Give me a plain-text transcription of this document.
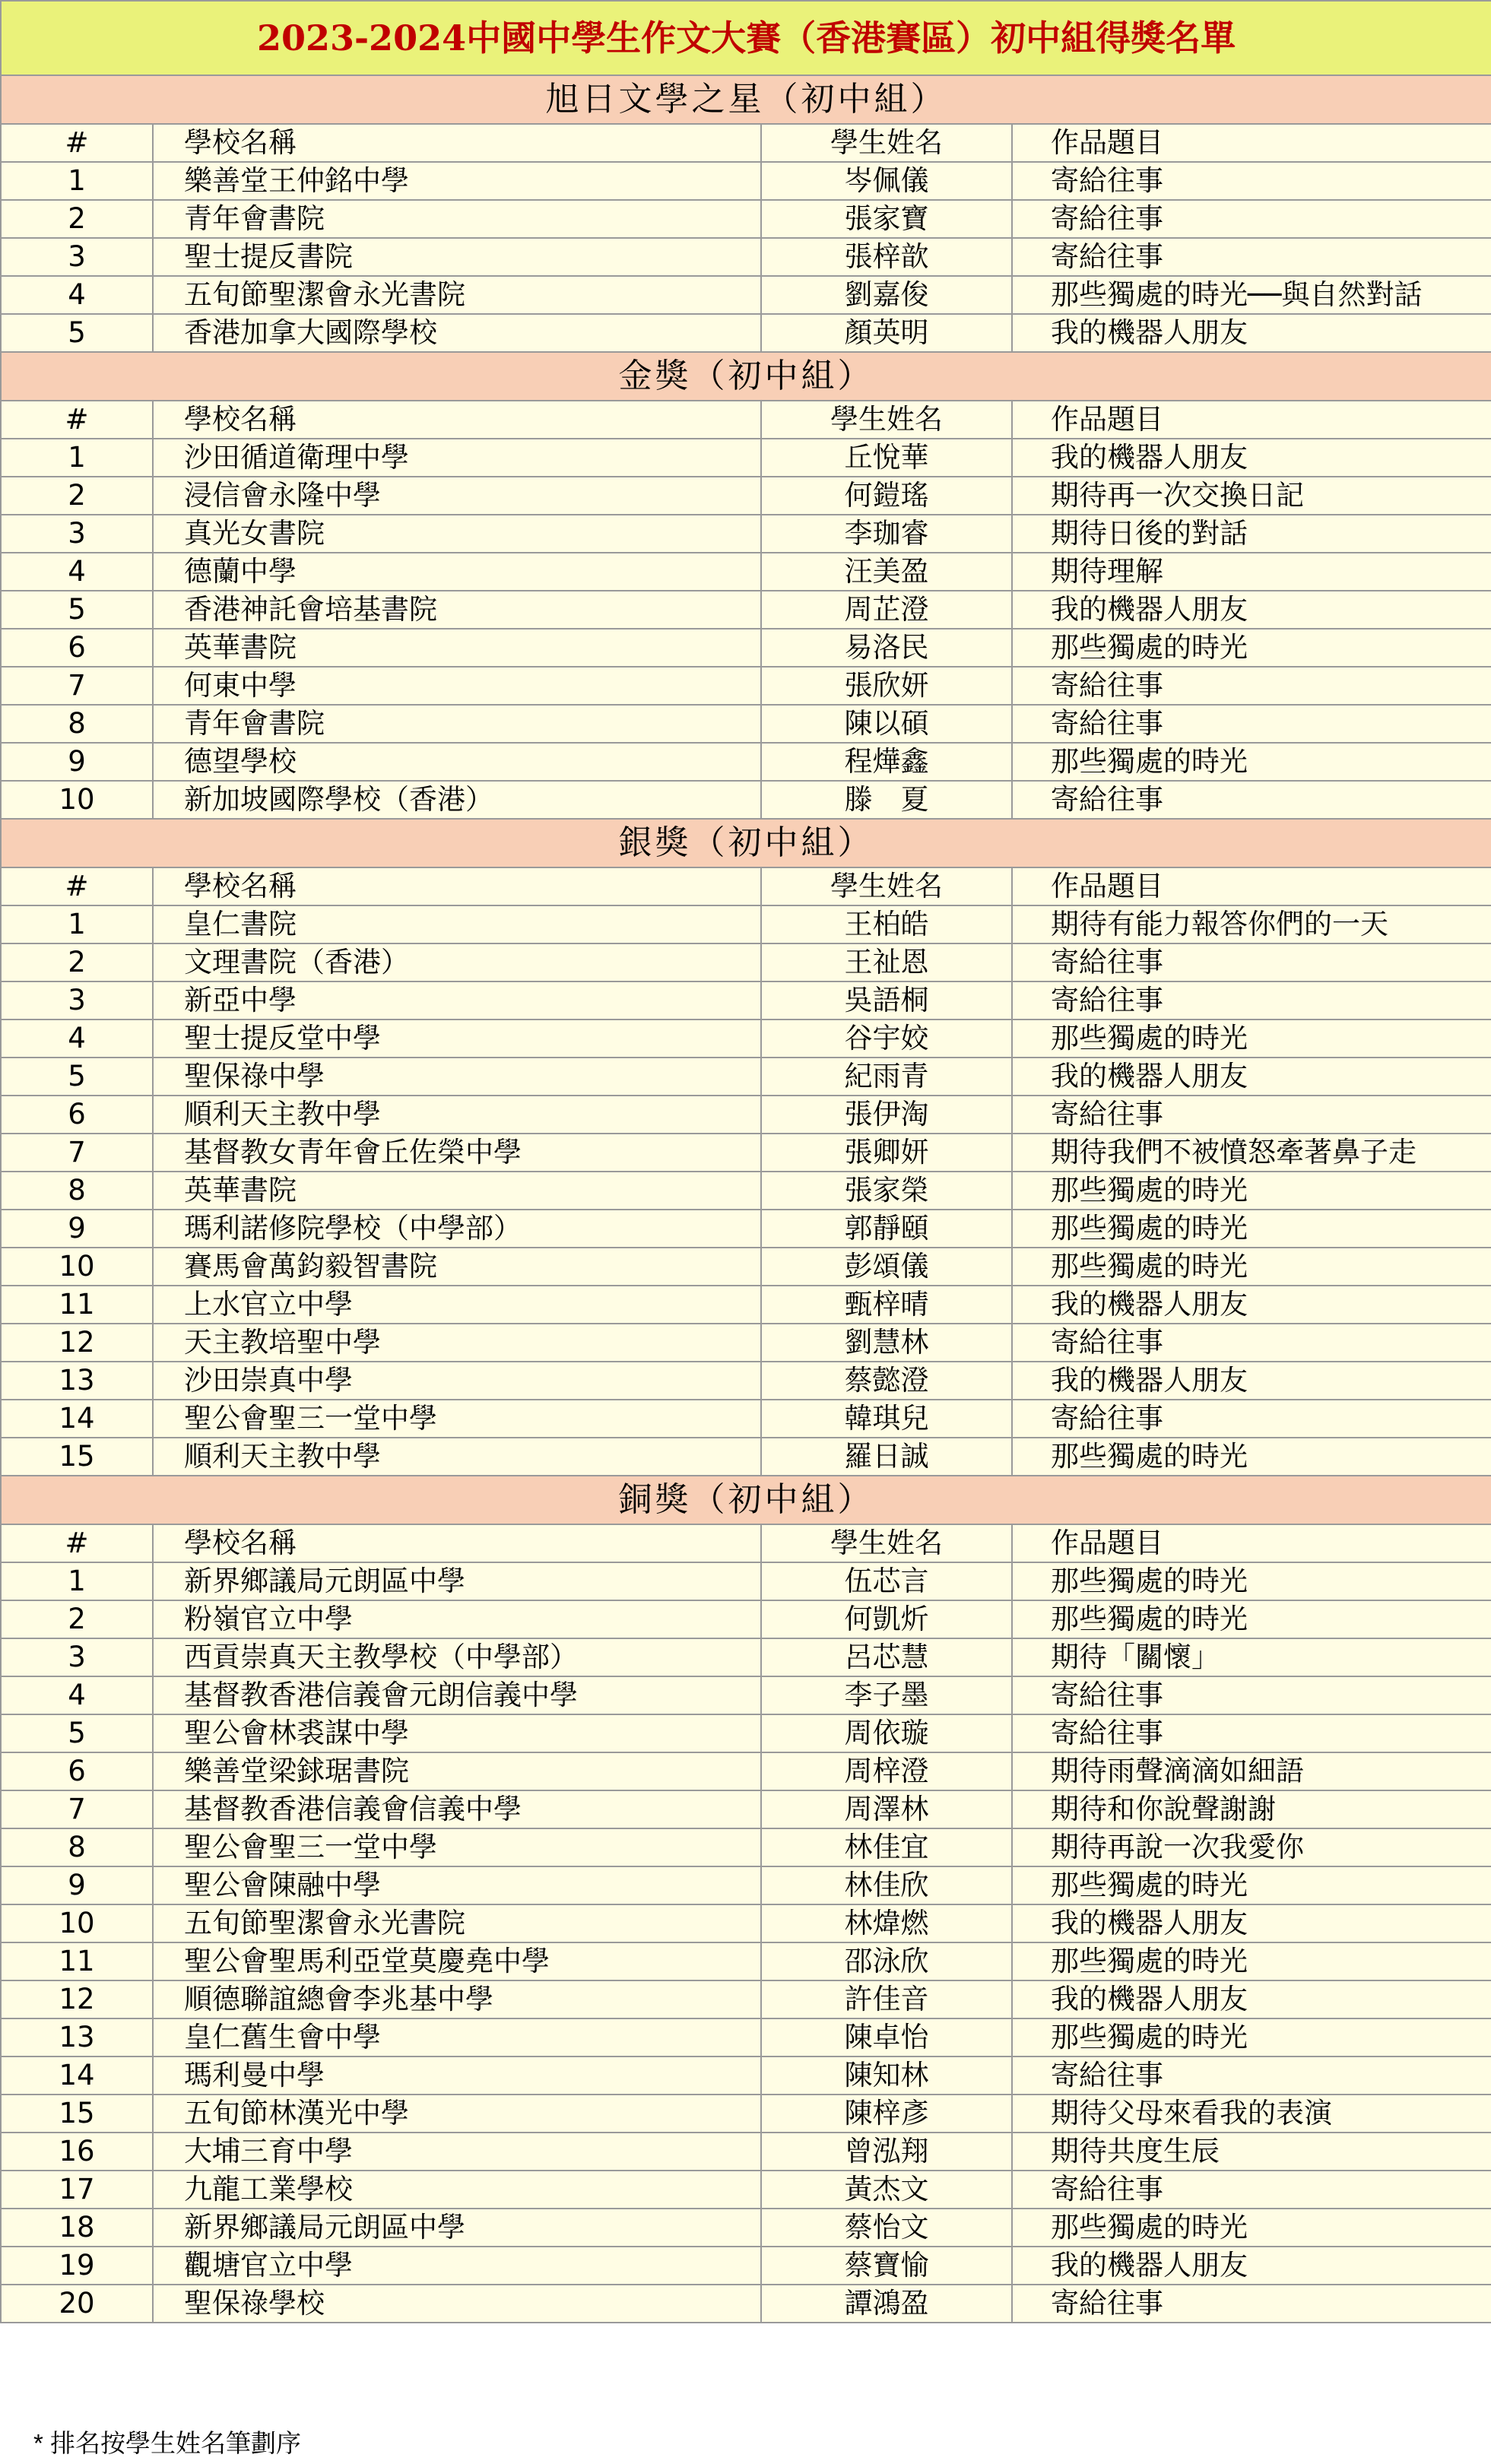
2023-2024中國中學生作文大賽（香港賽區）初中組得獎名單			
旭日文學之星（初中組）			
#	學校名稱	學生姓名	作品題目
1	樂善堂王仲銘中學	岑佩儀	寄給往事
2	青年會書院	張家寶	寄給往事
3	聖士提反書院	張梓歆	寄給往事
4	五旬節聖潔會永光書院	劉嘉俊	那些獨處的時光──與自然對話
5	香港加拿大國際學校	顏英明	我的機器人朋友
金獎（初中組）			
#	學校名稱	學生姓名	作品題目
1	沙田循道衛理中學	丘悅華	我的機器人朋友
2	浸信會永隆中學	何鎧瑤	期待再一次交換日記
3	真光女書院	李珈睿	期待日後的對話
4	德蘭中學	汪美盈	期待理解
5	香港神託會培基書院	周芷澄	我的機器人朋友
6	英華書院	易洛民	那些獨處的時光
7	何東中學	張欣妍	寄給往事
8	青年會書院	陳以碩	寄給往事
9	德望學校	程燁鑫	那些獨處的時光
10	新加坡國際學校（香港）	滕　夏	寄給往事
銀獎（初中組）			
#	學校名稱	學生姓名	作品題目
1	皇仁書院	王柏皓	期待有能力報答你們的一天
2	文理書院（香港）	王祉恩	寄給往事
3	新亞中學	吳語桐	寄給往事
4	聖士提反堂中學	谷宇姣	那些獨處的時光
5	聖保祿中學	紀雨青	我的機器人朋友
6	順利天主教中學	張伊淘	寄給往事
7	基督教女青年會丘佐榮中學	張卿妍	期待我們不被憤怒牽著鼻子走
8	英華書院	張家榮	那些獨處的時光
9	瑪利諾修院學校（中學部）	郭靜頤	那些獨處的時光
10	賽馬會萬鈞毅智書院	彭頌儀	那些獨處的時光
11	上水官立中學	甄梓晴	我的機器人朋友
12	天主教培聖中學	劉慧林	寄給往事
13	沙田崇真中學	蔡懿澄	我的機器人朋友
14	聖公會聖三一堂中學	韓琪兒	寄給往事
15	順利天主教中學	羅日誠	那些獨處的時光
銅獎（初中組）			
#	學校名稱	學生姓名	作品題目
1	新界鄉議局元朗區中學	伍芯言	那些獨處的時光
2	粉嶺官立中學	何凱炘	那些獨處的時光
3	西貢崇真天主教學校（中學部）	呂芯慧	期待「關懷」
4	基督教香港信義會元朗信義中學	李子墨	寄給往事
5	聖公會林裘謀中學	周依璇	寄給往事
6	樂善堂梁銶琚書院	周梓澄	期待雨聲滴滴如細語
7	基督教香港信義會信義中學	周澤林	期待和你說聲謝謝
8	聖公會聖三一堂中學	林佳宜	期待再說一次我愛你
9	聖公會陳融中學	林佳欣	那些獨處的時光
10	五旬節聖潔會永光書院	林煒燃	我的機器人朋友
11	聖公會聖馬利亞堂莫慶堯中學	邵泳欣	那些獨處的時光
12	順德聯誼總會李兆基中學	許佳音	我的機器人朋友
13	皇仁舊生會中學	陳卓怡	那些獨處的時光
14	瑪利曼中學	陳知林	寄給往事
15	五旬節林漢光中學	陳梓彥	期待父母來看我的表演
16	大埔三育中學	曾泓翔	期待共度生辰
17	九龍工業學校	黃杰文	寄給往事
18	新界鄉議局元朗區中學	蔡怡文	那些獨處的時光
19	觀塘官立中學	蔡寶愉	我的機器人朋友
20	聖保祿學校	譚鴻盈	寄給往事
* 排名按學生姓名筆劃序
